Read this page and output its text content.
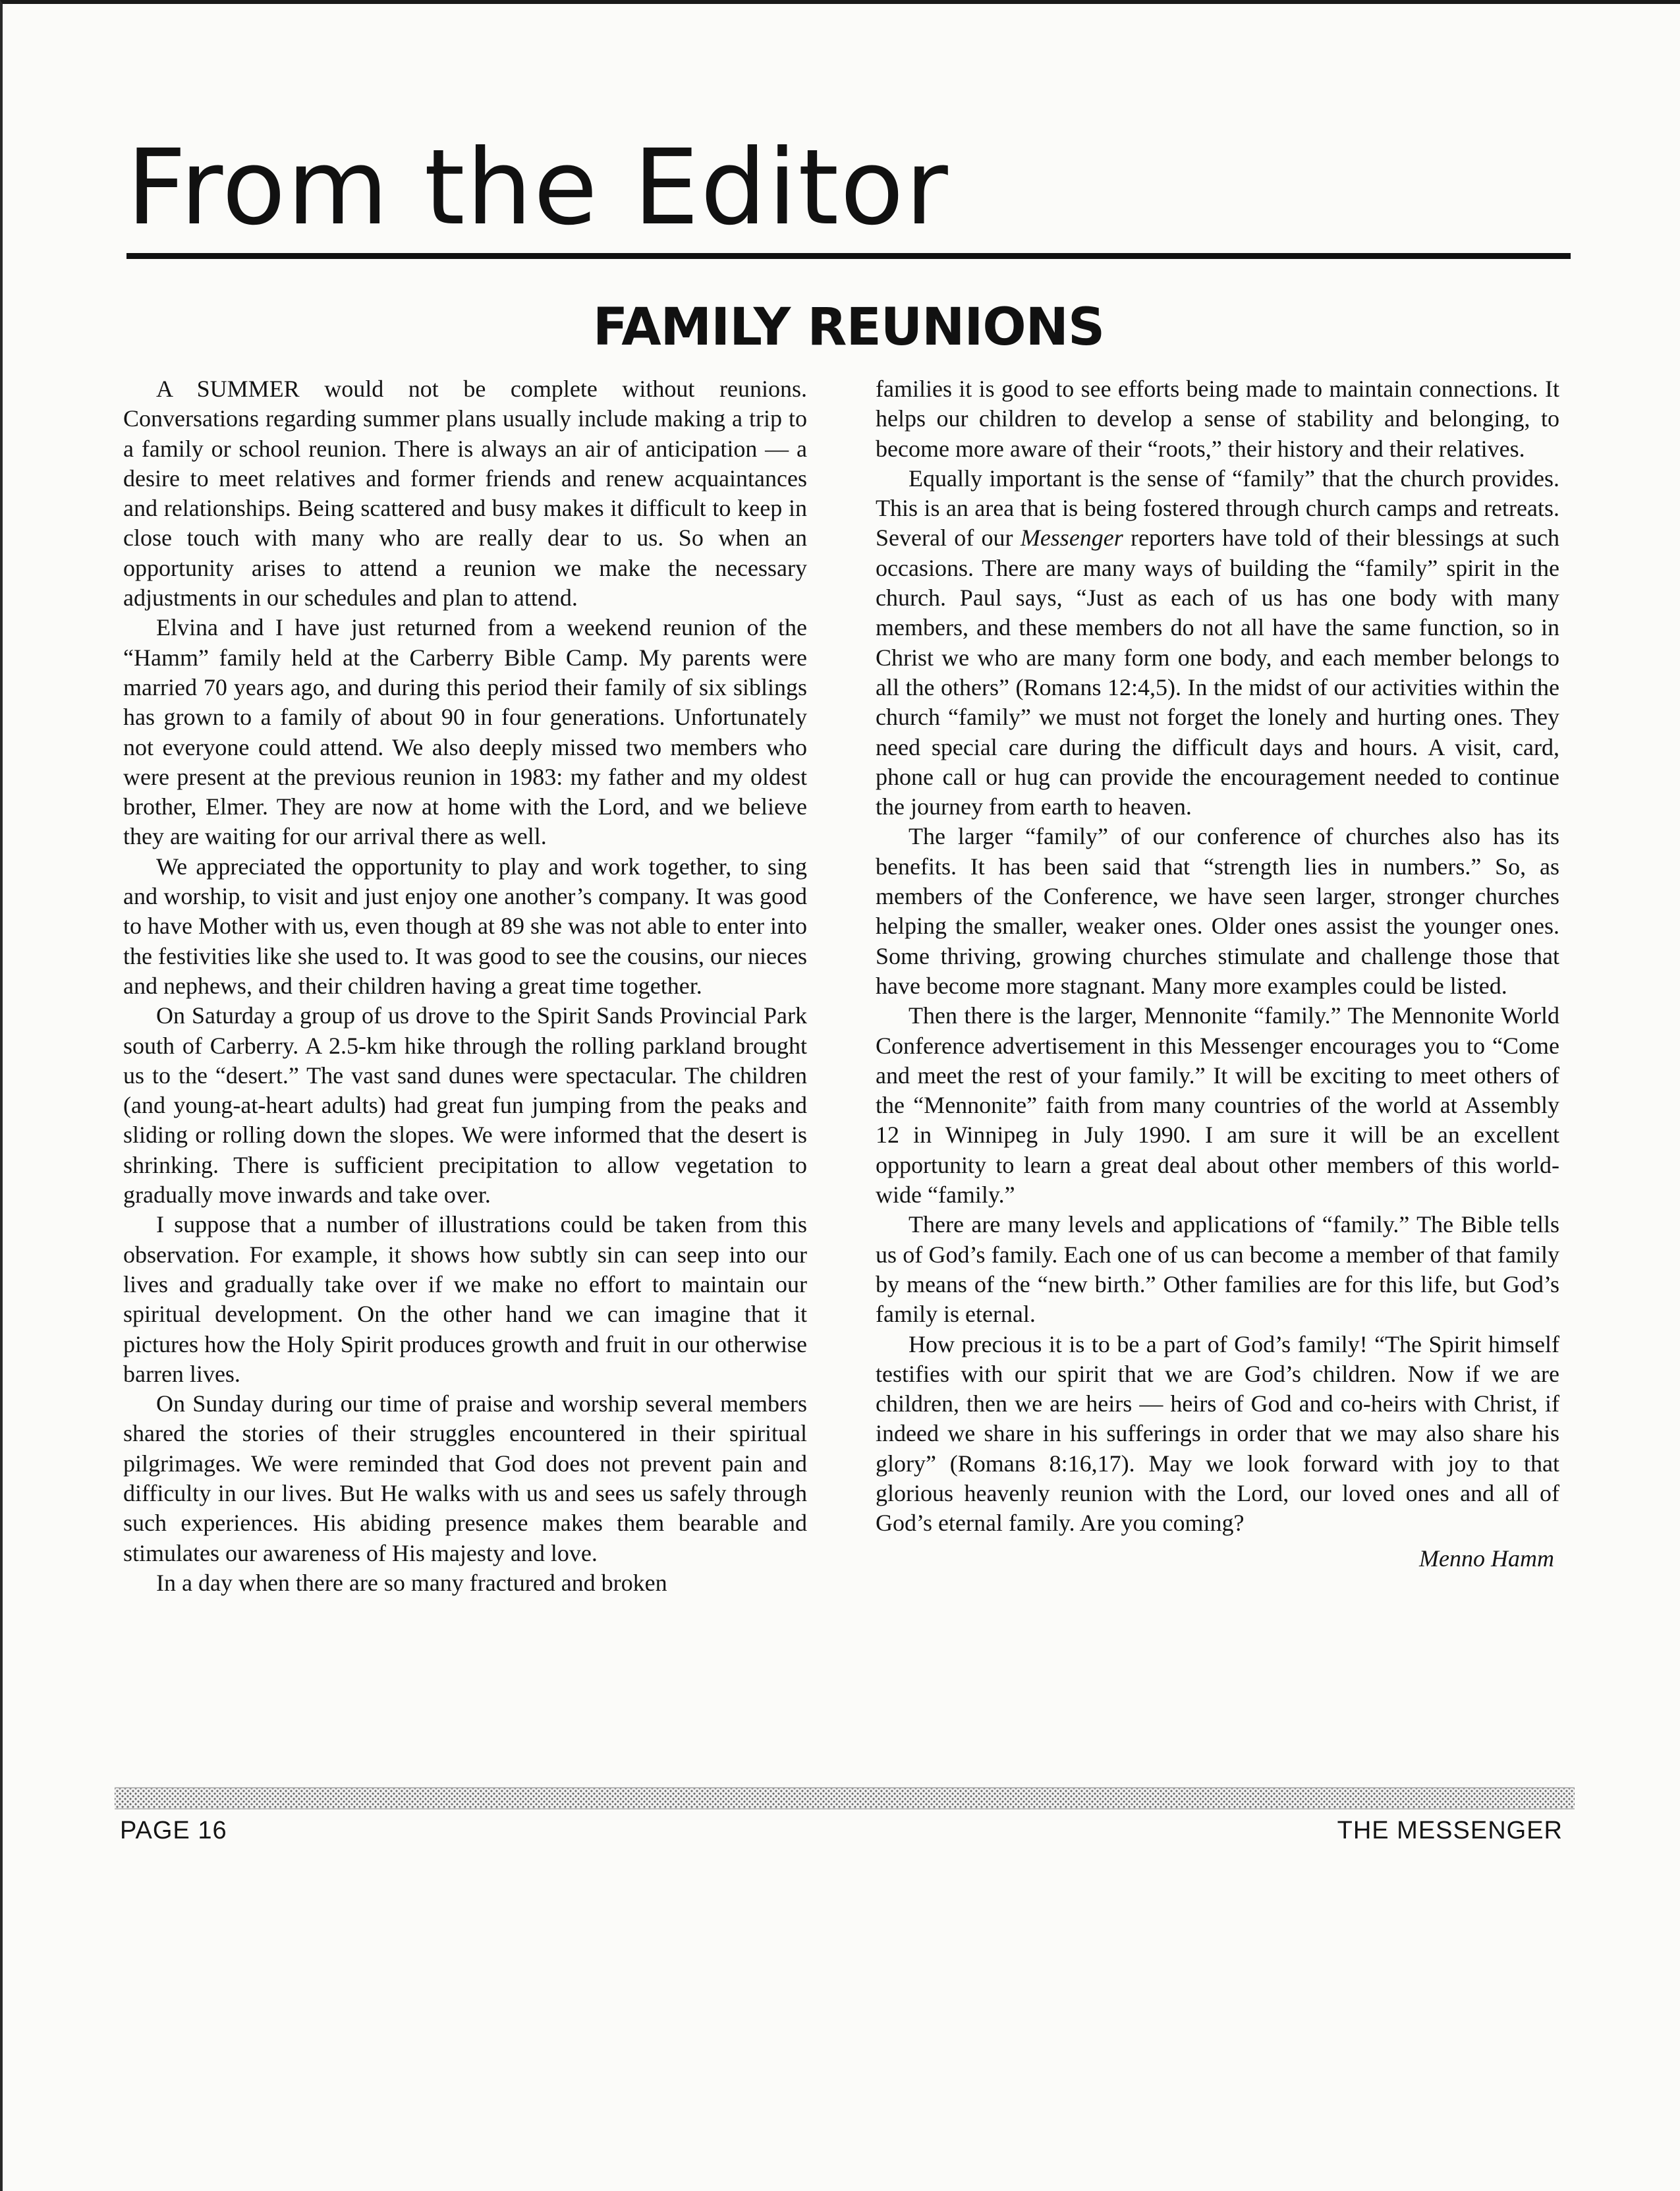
From the Editor
FAMILY REUNIONS

A SUMMER would not be complete without reunions. Conversations regarding summer plans usually include making a trip to a family or school reunion. There is always an air of anticipation — a desire to meet relatives and former friends and renew acquaintances and relationships. Being scattered and busy makes it difficult to keep in close touch with many who are really dear to us. So when an opportunity arises to attend a reunion we make the necessary adjustments in our schedules and plan to attend.

Elvina and I have just returned from a weekend reunion of the “Hamm” family held at the Carberry Bible Camp. My parents were married 70 years ago, and during this period their family of six siblings has grown to a family of about 90 in four generations. Unfortunately not everyone could attend. We also deeply missed two members who were present at the previous reunion in 1983: my father and my oldest brother, Elmer. They are now at home with the Lord, and we believe they are waiting for our arrival there as well.

We appreciated the opportunity to play and work together, to sing and worship, to visit and just enjoy one another’s company. It was good to have Mother with us, even though at 89 she was not able to enter into the festivities like she used to. It was good to see the cousins, our nieces and nephews, and their children having a great time together.

On Saturday a group of us drove to the Spirit Sands Provincial Park south of Carberry. A 2.5-km hike through the rolling parkland brought us to the “desert.” The vast sand dunes were spectacular. The children (and young-at-heart adults) had great fun jumping from the peaks and sliding or rolling down the slopes. We were informed that the desert is shrinking. There is sufficient precipitation to allow vegetation to gradually move inwards and take over.

I suppose that a number of illustrations could be taken from this observation. For example, it shows how subtly sin can seep into our lives and gradually take over if we make no effort to maintain our spiritual development. On the other hand we can imagine that it pictures how the Holy Spirit produces growth and fruit in our otherwise barren lives.

On Sunday during our time of praise and worship several members shared the stories of their struggles encountered in their spiritual pilgrimages. We were reminded that God does not prevent pain and difficulty in our lives. But He walks with us and sees us safely through such experiences. His abiding presence makes them bearable and stimulates our awareness of His majesty and love.

In a day when there are so many fractured and broken

families it is good to see efforts being made to maintain connections. It helps our children to develop a sense of stability and belonging, to become more aware of their “roots,” their history and their relatives.

Equally important is the sense of “family” that the church provides. This is an area that is being fostered through church camps and retreats. Several of our Messenger reporters have told of their blessings at such occasions. There are many ways of building the “family” spirit in the church. Paul says, “Just as each of us has one body with many members, and these members do not all have the same function, so in Christ we who are many form one body, and each member belongs to all the others” (Romans 12:4,5). In the midst of our activities within the church “family” we must not forget the lonely and hurting ones. They need special care during the difficult days and hours. A visit, card, phone call or hug can provide the encouragement needed to continue the journey from earth to heaven.

The larger “family” of our conference of churches also has its benefits. It has been said that “strength lies in numbers.” So, as members of the Conference, we have seen larger, stronger churches helping the smaller, weaker ones. Older ones assist the younger ones. Some thriving, growing churches stimulate and challenge those that have become more stagnant. Many more examples could be listed.

Then there is the larger, Mennonite “family.” The Mennonite World Conference advertisement in this Messenger encourages you to “Come and meet the rest of your family.” It will be exciting to meet others of the “Mennonite” faith from many countries of the world at Assembly 12 in Winnipeg in July 1990. I am sure it will be an excellent opportunity to learn a great deal about other members of this world-wide “family.”

There are many levels and applications of “family.” The Bible tells us of God’s family. Each one of us can become a member of that family by means of the “new birth.” Other families are for this life, but God’s family is eternal.

How precious it is to be a part of God’s family! “The Spirit himself testifies with our spirit that we are God’s children. Now if we are children, then we are heirs — heirs of God and co-heirs with Christ, if indeed we share in his sufferings in order that we may also share his glory” (Romans 8:16,17). May we look forward with joy to that glorious heavenly reunion with the Lord, our loved ones and all of God’s eternal family. Are you coming?

Menno Hamm
PAGE 16	THE MESSENGER
